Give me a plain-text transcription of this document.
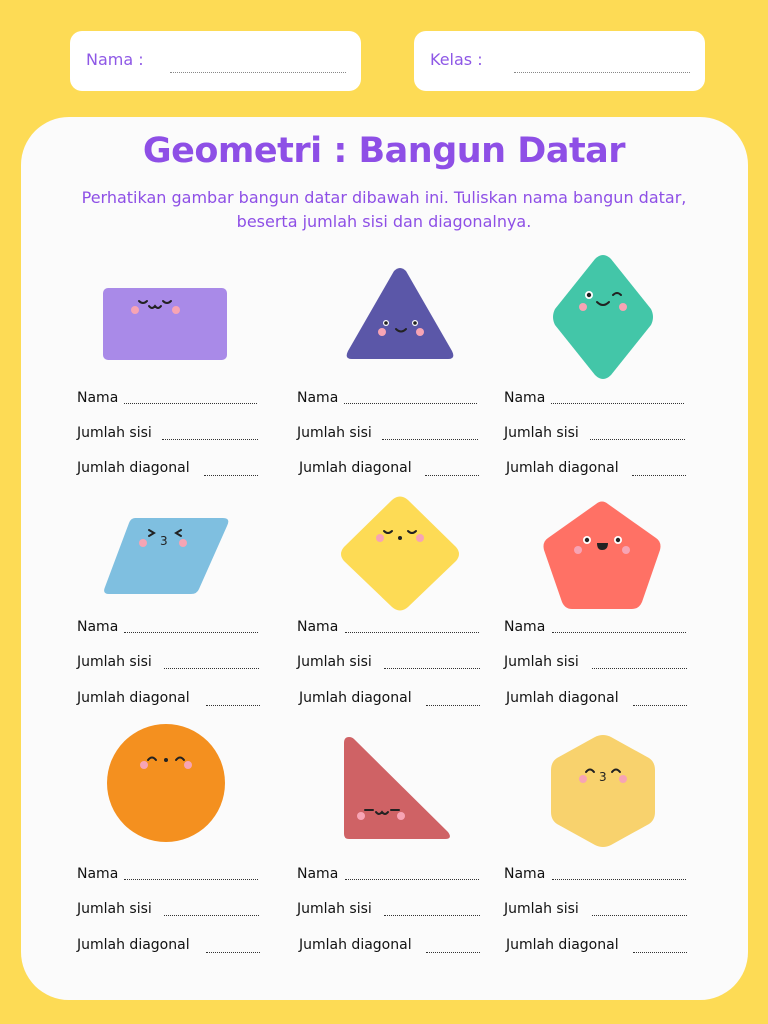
Nama :	Kelas :
Geometri : Bangun Datar

Perhatikan gambar bangun datar dibawah ini. Tuliskan nama bangun datar, beserta jumlah sisi dan diagonalnya.

3
3
Nama
Jumlah sisi
Jumlah diagonal
Nama
Jumlah sisi
Jumlah diagonal
Nama
Jumlah sisi
Jumlah diagonal
Nama
Jumlah sisi
Jumlah diagonal
Nama
Jumlah sisi
Jumlah diagonal
Nama
Jumlah sisi
Jumlah diagonal
Nama
Jumlah sisi
Jumlah diagonal
Nama
Jumlah sisi
Jumlah diagonal
Nama
Jumlah sisi
Jumlah diagonal
